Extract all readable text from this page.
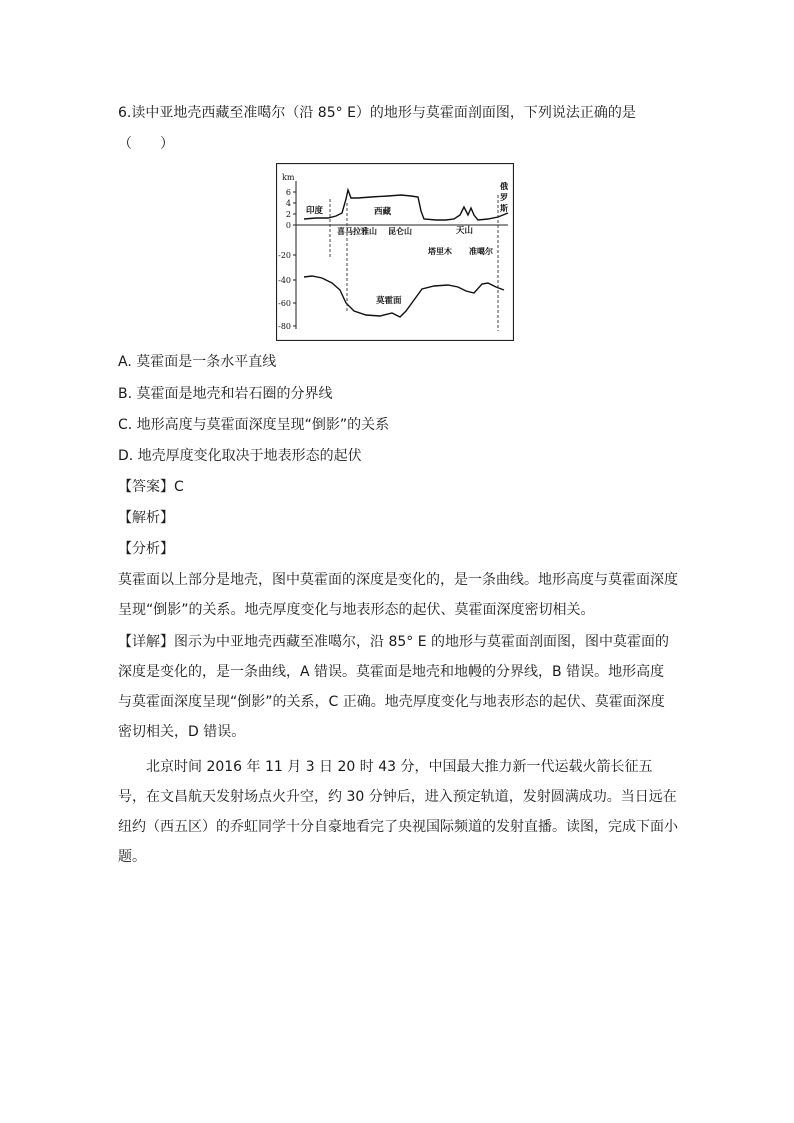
6.读中亚地壳西藏至准噶尔（沿 85° E）的地形与莫霍面剖面图，下列说法正确的是
（　　）
km
6
4
2
0
-20
-40
-60
-80
印度	西藏
喜马拉雅山 昆仑山	天山
塔里木 准噶尔
俄
罗
斯
莫霍面
A. 莫霍面是一条水平直线
B. 莫霍面是地壳和岩石圈的分界线
C. 地形高度与莫霍面深度呈现“倒影”的关系
D. 地壳厚度变化取决于地表形态的起伏
【答案】C
【解析】
【分析】
莫霍面以上部分是地壳，图中莫霍面的深度是变化的，是一条曲线。地形高度与莫霍面深度呈现“倒影”的关系。地壳厚度变化与地表形态的起伏、莫霍面深度密切相关。
【详解】图示为中亚地壳西藏至准噶尔，沿 85° E 的地形与莫霍面剖面图，图中莫霍面的深度是变化的，是一条曲线，A 错误。莫霍面是地壳和地幔的分界线，B 错误。地形高度与莫霍面深度呈现“倒影”的关系，C 正确。地壳厚度变化与地表形态的起伏、莫霍面深度密切相关，D 错误。
北京时间 2016 年 11 月 3 日 20 时 43 分，中国最大推力新一代运载火箭长征五号，在文昌航天发射场点火升空，约 30 分钟后，进入预定轨道，发射圆满成功。当日远在纽约（西五区）的乔虹同学十分自豪地看完了央视国际频道的发射直播。读图，完成下面小题。
